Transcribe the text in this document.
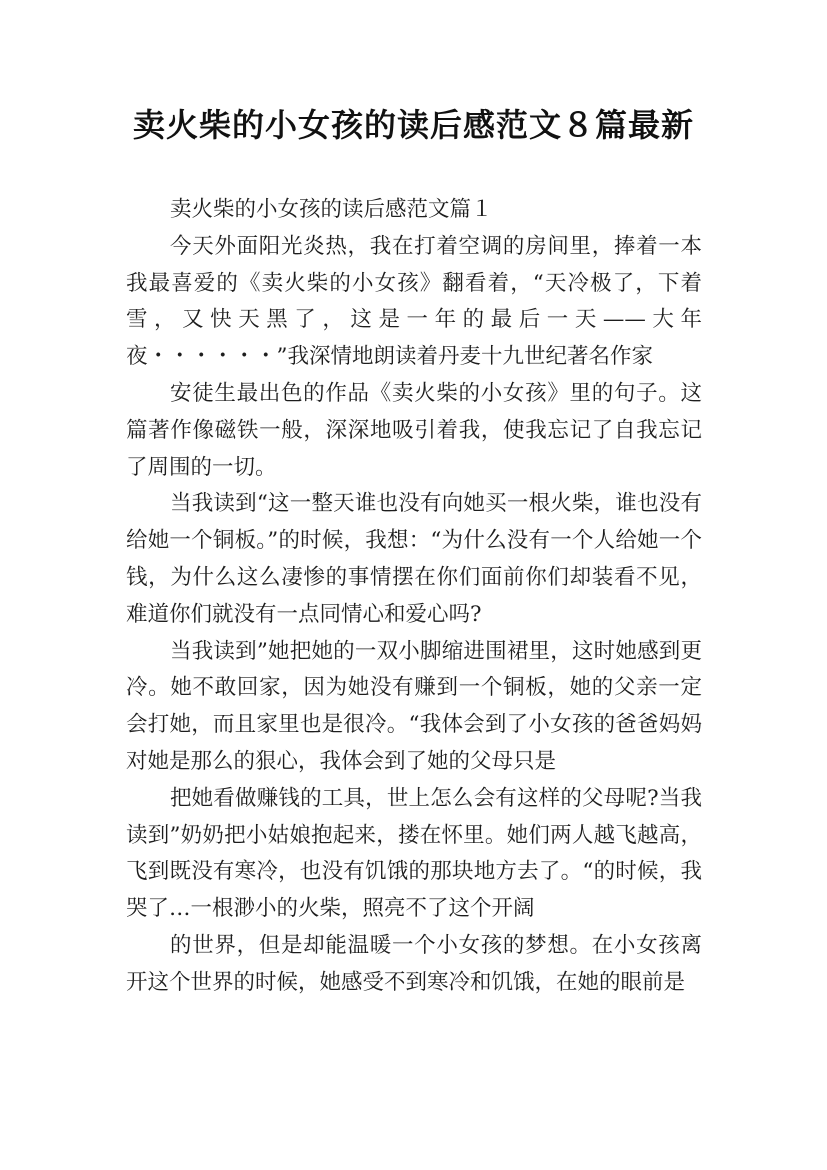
卖火柴的小女孩的读后感范文８篇最新

卖火柴的小女孩的读后感范文篇１

今天外面阳光炎热，我在打着空调的房间里，捧着一本我最喜爱的《卖火柴的小女孩》翻看着，“天冷极了，下着雪，又快天黑了，这是一年的最后一天——大年夜・・・・・・”我深情地朗读着丹麦十九世纪著名作家

安徒生最出色的作品《卖火柴的小女孩》里的句子。这篇著作像磁铁一般，深深地吸引着我，使我忘记了自我忘记了周围的一切。

当我读到“这一整天谁也没有向她买一根火柴，谁也没有给她一个铜板。”的时候，我想：“为什么没有一个人给她一个钱，为什么这么凄惨的事情摆在你们面前你们却装看不见，难道你们就没有一点同情心和爱心吗?

当我读到”她把她的一双小脚缩进围裙里，这时她感到更冷。她不敢回家，因为她没有赚到一个铜板，她的父亲一定会打她，而且家里也是很冷。“我体会到了小女孩的爸爸妈妈对她是那么的狠心，我体会到了她的父母只是

把她看做赚钱的工具，世上怎么会有这样的父母呢?当我读到”奶奶把小姑娘抱起来，搂在怀里。她们两人越飞越高，飞到既没有寒冷，也没有饥饿的那块地方去了。“的时候，我哭了…一根渺小的火柴，照亮不了这个开阔

的世界，但是却能温暖一个小女孩的梦想。在小女孩离开这个世界的时候，她感受不到寒冷和饥饿，在她的眼前是
